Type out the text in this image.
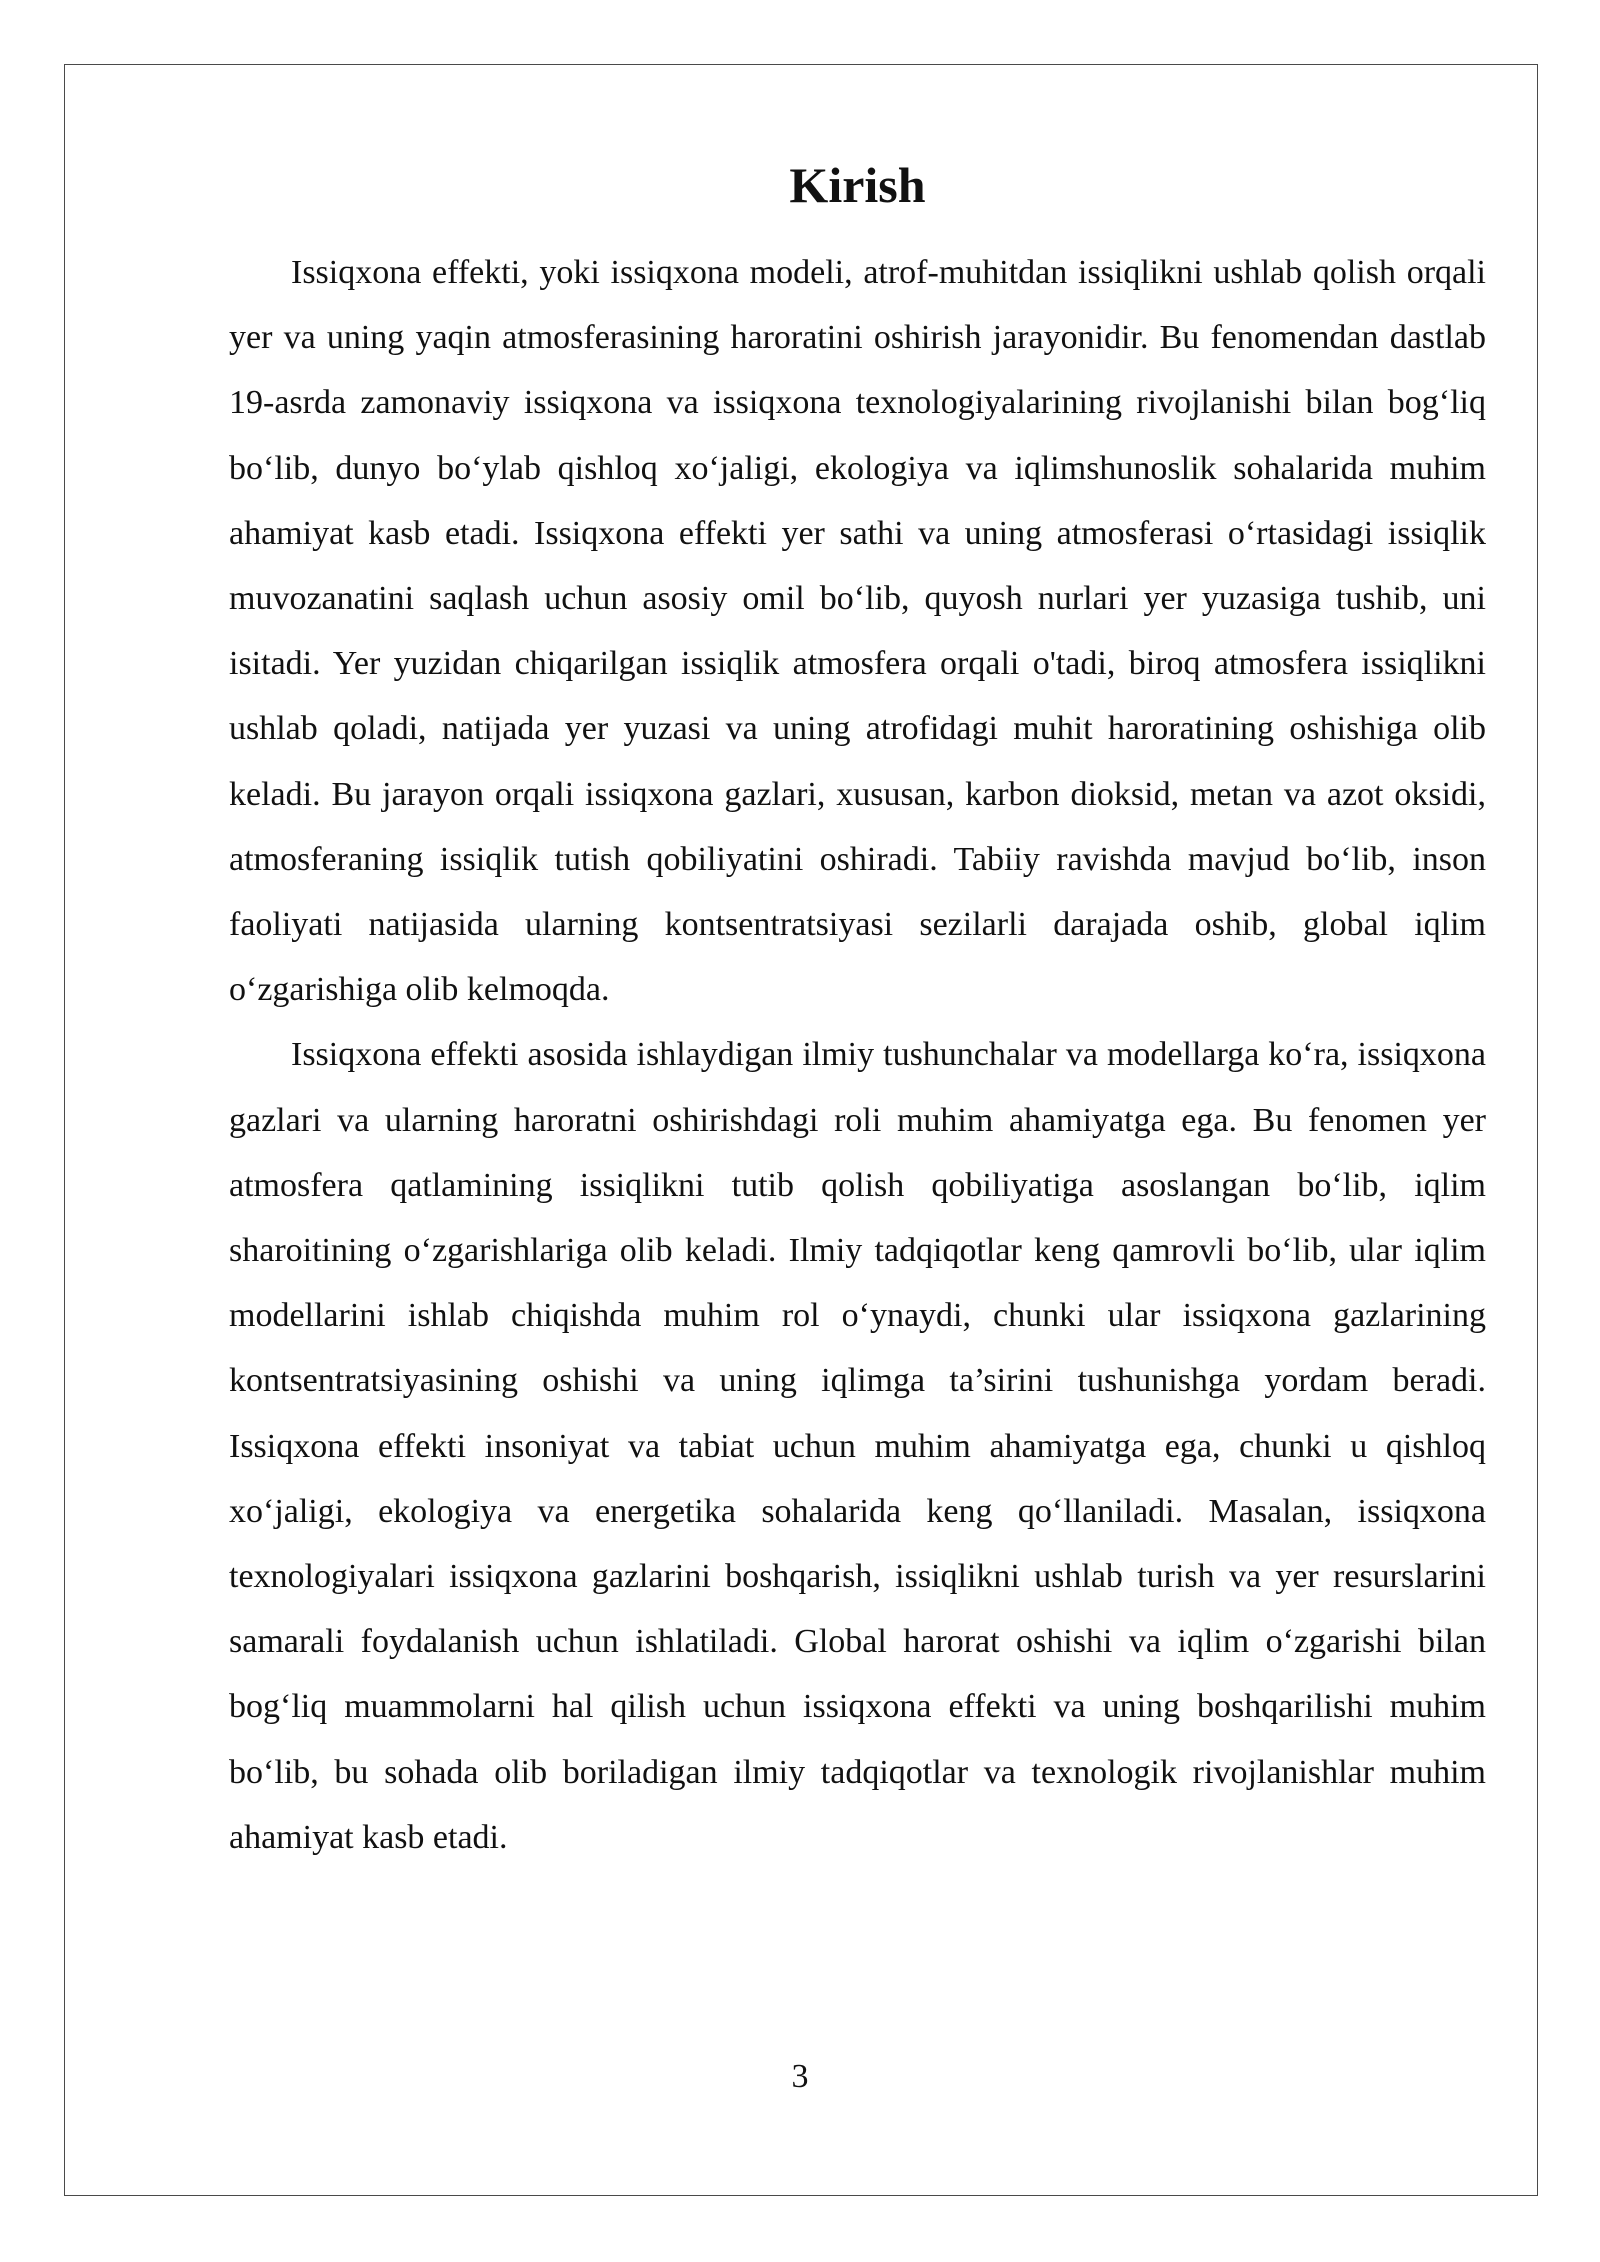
Kirish

Issiqxona effekti, yoki issiqxona modeli, atrof-muhitdan issiqlikni ushlab qolish orqali yer va uning yaqin atmosferasining haroratini oshirish jarayonidir. Bu fenomendan dastlab 19-asrda zamonaviy issiqxona va issiqxona texnologiyalarining rivojlanishi bilan bog‘liq bo‘lib, dunyo bo‘ylab qishloq xo‘jaligi, ekologiya va iqlimshunoslik sohalarida muhim ahamiyat kasb etadi. Issiqxona effekti yer sathi va uning atmosferasi o‘rtasidagi issiqlik muvozanatini saqlash uchun asosiy omil bo‘lib, quyosh nurlari yer yuzasiga tushib, uni isitadi. Yer yuzidan chiqarilgan issiqlik atmosfera orqali o'tadi, biroq atmosfera issiqlikni ushlab qoladi, natijada yer yuzasi va uning atrofidagi muhit haroratining oshishiga olib keladi. Bu jarayon orqali issiqxona gazlari, xususan, karbon dioksid, metan va azot oksidi, atmosferaning issiqlik tutish qobiliyatini oshiradi. Tabiiy ravishda mavjud bo‘lib, inson faoliyati natijasida ularning kontsentratsiyasi sezilarli darajada oshib, global iqlim o‘zgarishiga olib kelmoqda.

Issiqxona effekti asosida ishlaydigan ilmiy tushunchalar va modellarga ko‘ra, issiqxona gazlari va ularning haroratni oshirishdagi roli muhim ahamiyatga ega. Bu fenomen yer atmosfera qatlamining issiqlikni tutib qolish qobiliyatiga asoslangan bo‘lib, iqlim sharoitining o‘zgarishlariga olib keladi. Ilmiy tadqiqotlar keng qamrovli bo‘lib, ular iqlim modellarini ishlab chiqishda muhim rol o‘ynaydi, chunki ular issiqxona gazlarining kontsentratsiyasining oshishi va uning iqlimga ta’sirini tushunishga yordam beradi. Issiqxona effekti insoniyat va tabiat uchun muhim ahamiyatga ega, chunki u qishloq xo‘jaligi, ekologiya va energetika sohalarida keng qo‘llaniladi. Masalan, issiqxona texnologiyalari issiqxona gazlarini boshqarish, issiqlikni ushlab turish va yer resurslarini samarali foydalanish uchun ishlatiladi. Global harorat oshishi va iqlim o‘zgarishi bilan bog‘liq muammolarni hal qilish uchun issiqxona effekti va uning boshqarilishi muhim bo‘lib, bu sohada olib boriladigan ilmiy tadqiqotlar va texnologik rivojlanishlar muhim ahamiyat kasb etadi.

3
